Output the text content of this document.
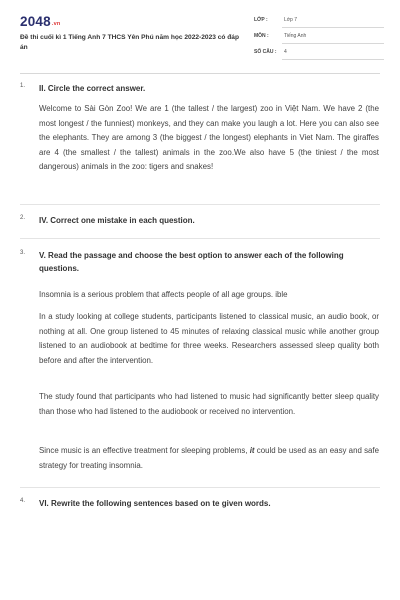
2048.vn
Đề thi cuối kì 1 Tiếng Anh 7 THCS Yên Phú năm học 2022-2023 có đáp án
LỚP :	Lớp 7
MÔN :	Tiếng Anh
SỐ CÂU : 4
1. II. Circle the correct answer.
Welcome to Sài Gòn Zoo! We are 1 (the tallest / the largest) zoo in Việt Nam. We have 2 (the most longest / the funniest) monkeys, and they can make you laugh a lot. Here you can also see the elephants. They are among 3 (the biggest / the longest) elephants in Viet Nam. The giraffes are 4 (the smallest / the tallest) animals in the zoo.We also have 5 (the tiniest / the most dangerous) animals in the zoo: tigers and snakes!
2. IV. Correct one mistake in each question.
3. V. Read the passage and choose the best option to answer each of the following questions.
Insomnia is a serious problem that affects people of all age groups. ible
In a study looking at college students, participants listened to classical music, an audio book, or nothing at all. One group listened to 45 minutes of relaxing classical music while another group listened to an audiobook at bedtime for three weeks. Researchers assessed sleep quality both before and after the intervention.
The study found that participants who had listened to music had significantly better sleep quality than those who had listened to the audiobook or received no intervention.
Since music is an effective treatment for sleeping problems, it could be used as an easy and safe strategy for treating insomnia.
4. VI. Rewrite the following sentences based on te given words.
